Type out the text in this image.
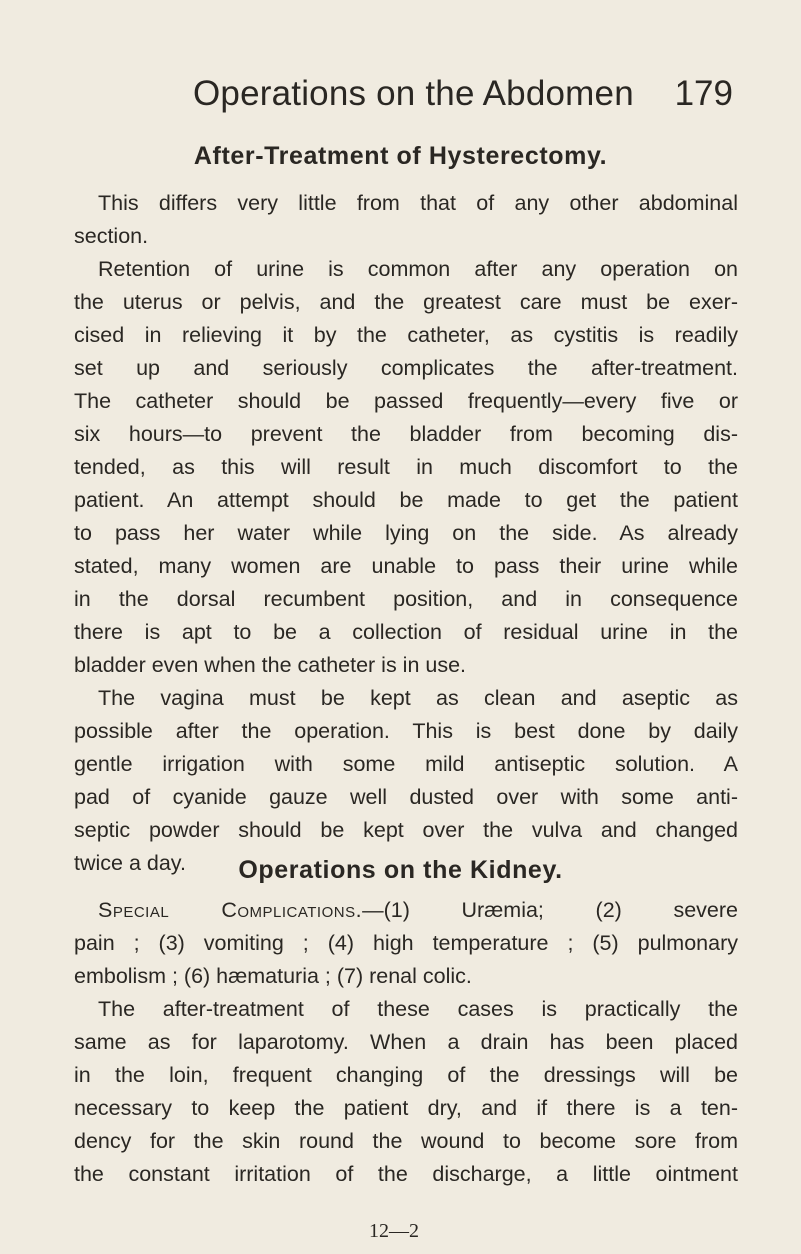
Operations on the Abdomen 179
After-Treatment of Hysterectomy.
This differs very little from that of any other abdominal
section.
Retention of urine is common after any operation on
the uterus or pelvis, and the greatest care must be exer-
cised in relieving it by the catheter, as cystitis is readily
set up and seriously complicates the after-treatment.
The catheter should be passed frequently—every five or
six hours—to prevent the bladder from becoming dis-
tended, as this will result in much discomfort to the
patient. An attempt should be made to get the patient
to pass her water while lying on the side. As already
stated, many women are unable to pass their urine while
in the dorsal recumbent position, and in consequence
there is apt to be a collection of residual urine in the
bladder even when the catheter is in use.
The vagina must be kept as clean and aseptic as
possible after the operation. This is best done by daily
gentle irrigation with some mild antiseptic solution. A
pad of cyanide gauze well dusted over with some anti-
septic powder should be kept over the vulva and changed
twice a day.	Operations on the Kidney.
Special Complications.—(1) Uræmia; (2) severe
pain ; (3) vomiting ; (4) high temperature ; (5) pulmonary
embolism ; (6) hæmaturia ; (7) renal colic.
The after-treatment of these cases is practically the
same as for laparotomy. When a drain has been placed
in the loin, frequent changing of the dressings will be
necessary to keep the patient dry, and if there is a ten-
dency for the skin round the wound to become sore from
the constant irritation of the discharge, a little ointment
12—2
